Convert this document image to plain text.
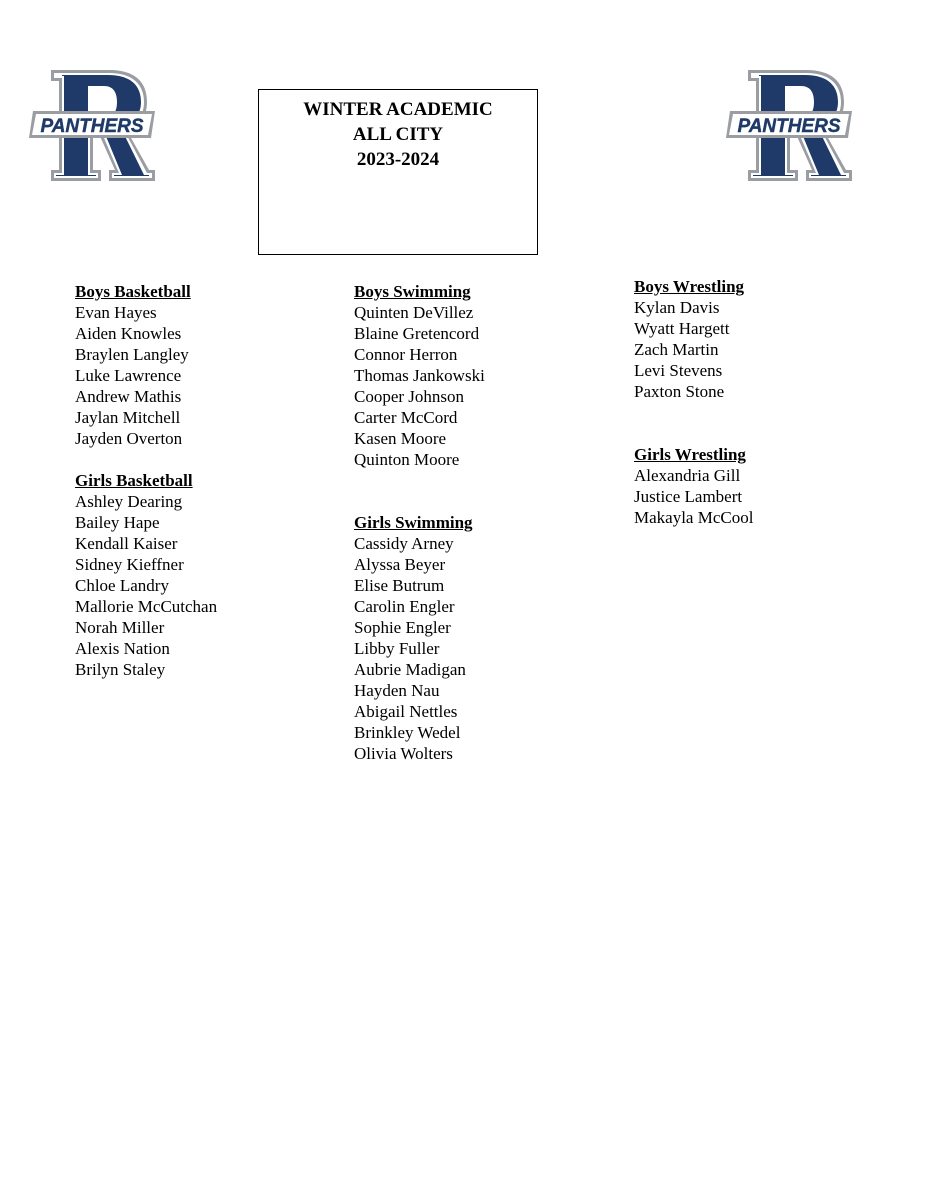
PANTHERS	PANTHERS
WINTER ACADEMIC
ALL CITY
2023-2024
Boys Basketball
Evan Hayes
Aiden Knowles
Braylen Langley
Luke Lawrence
Andrew Mathis
Jaylan Mitchell
Jayden Overton
Girls Basketball
Ashley Dearing
Bailey Hape
Kendall Kaiser
Sidney Kieffner
Chloe Landry
Mallorie McCutchan
Norah Miller
Alexis Nation
Brilyn Staley
Boys Swimming
Quinten DeVillez
Blaine Gretencord
Connor Herron
Thomas Jankowski
Cooper Johnson
Carter McCord
Kasen Moore
Quinton Moore
Girls Swimming
Cassidy Arney
Alyssa Beyer
Elise Butrum
Carolin Engler
Sophie Engler
Libby Fuller
Aubrie Madigan
Hayden Nau
Abigail Nettles
Brinkley Wedel
Olivia Wolters
Boys Wrestling
Kylan Davis
Wyatt Hargett
Zach Martin
Levi Stevens
Paxton Stone
Girls Wrestling
Alexandria Gill
Justice Lambert
Makayla McCool
